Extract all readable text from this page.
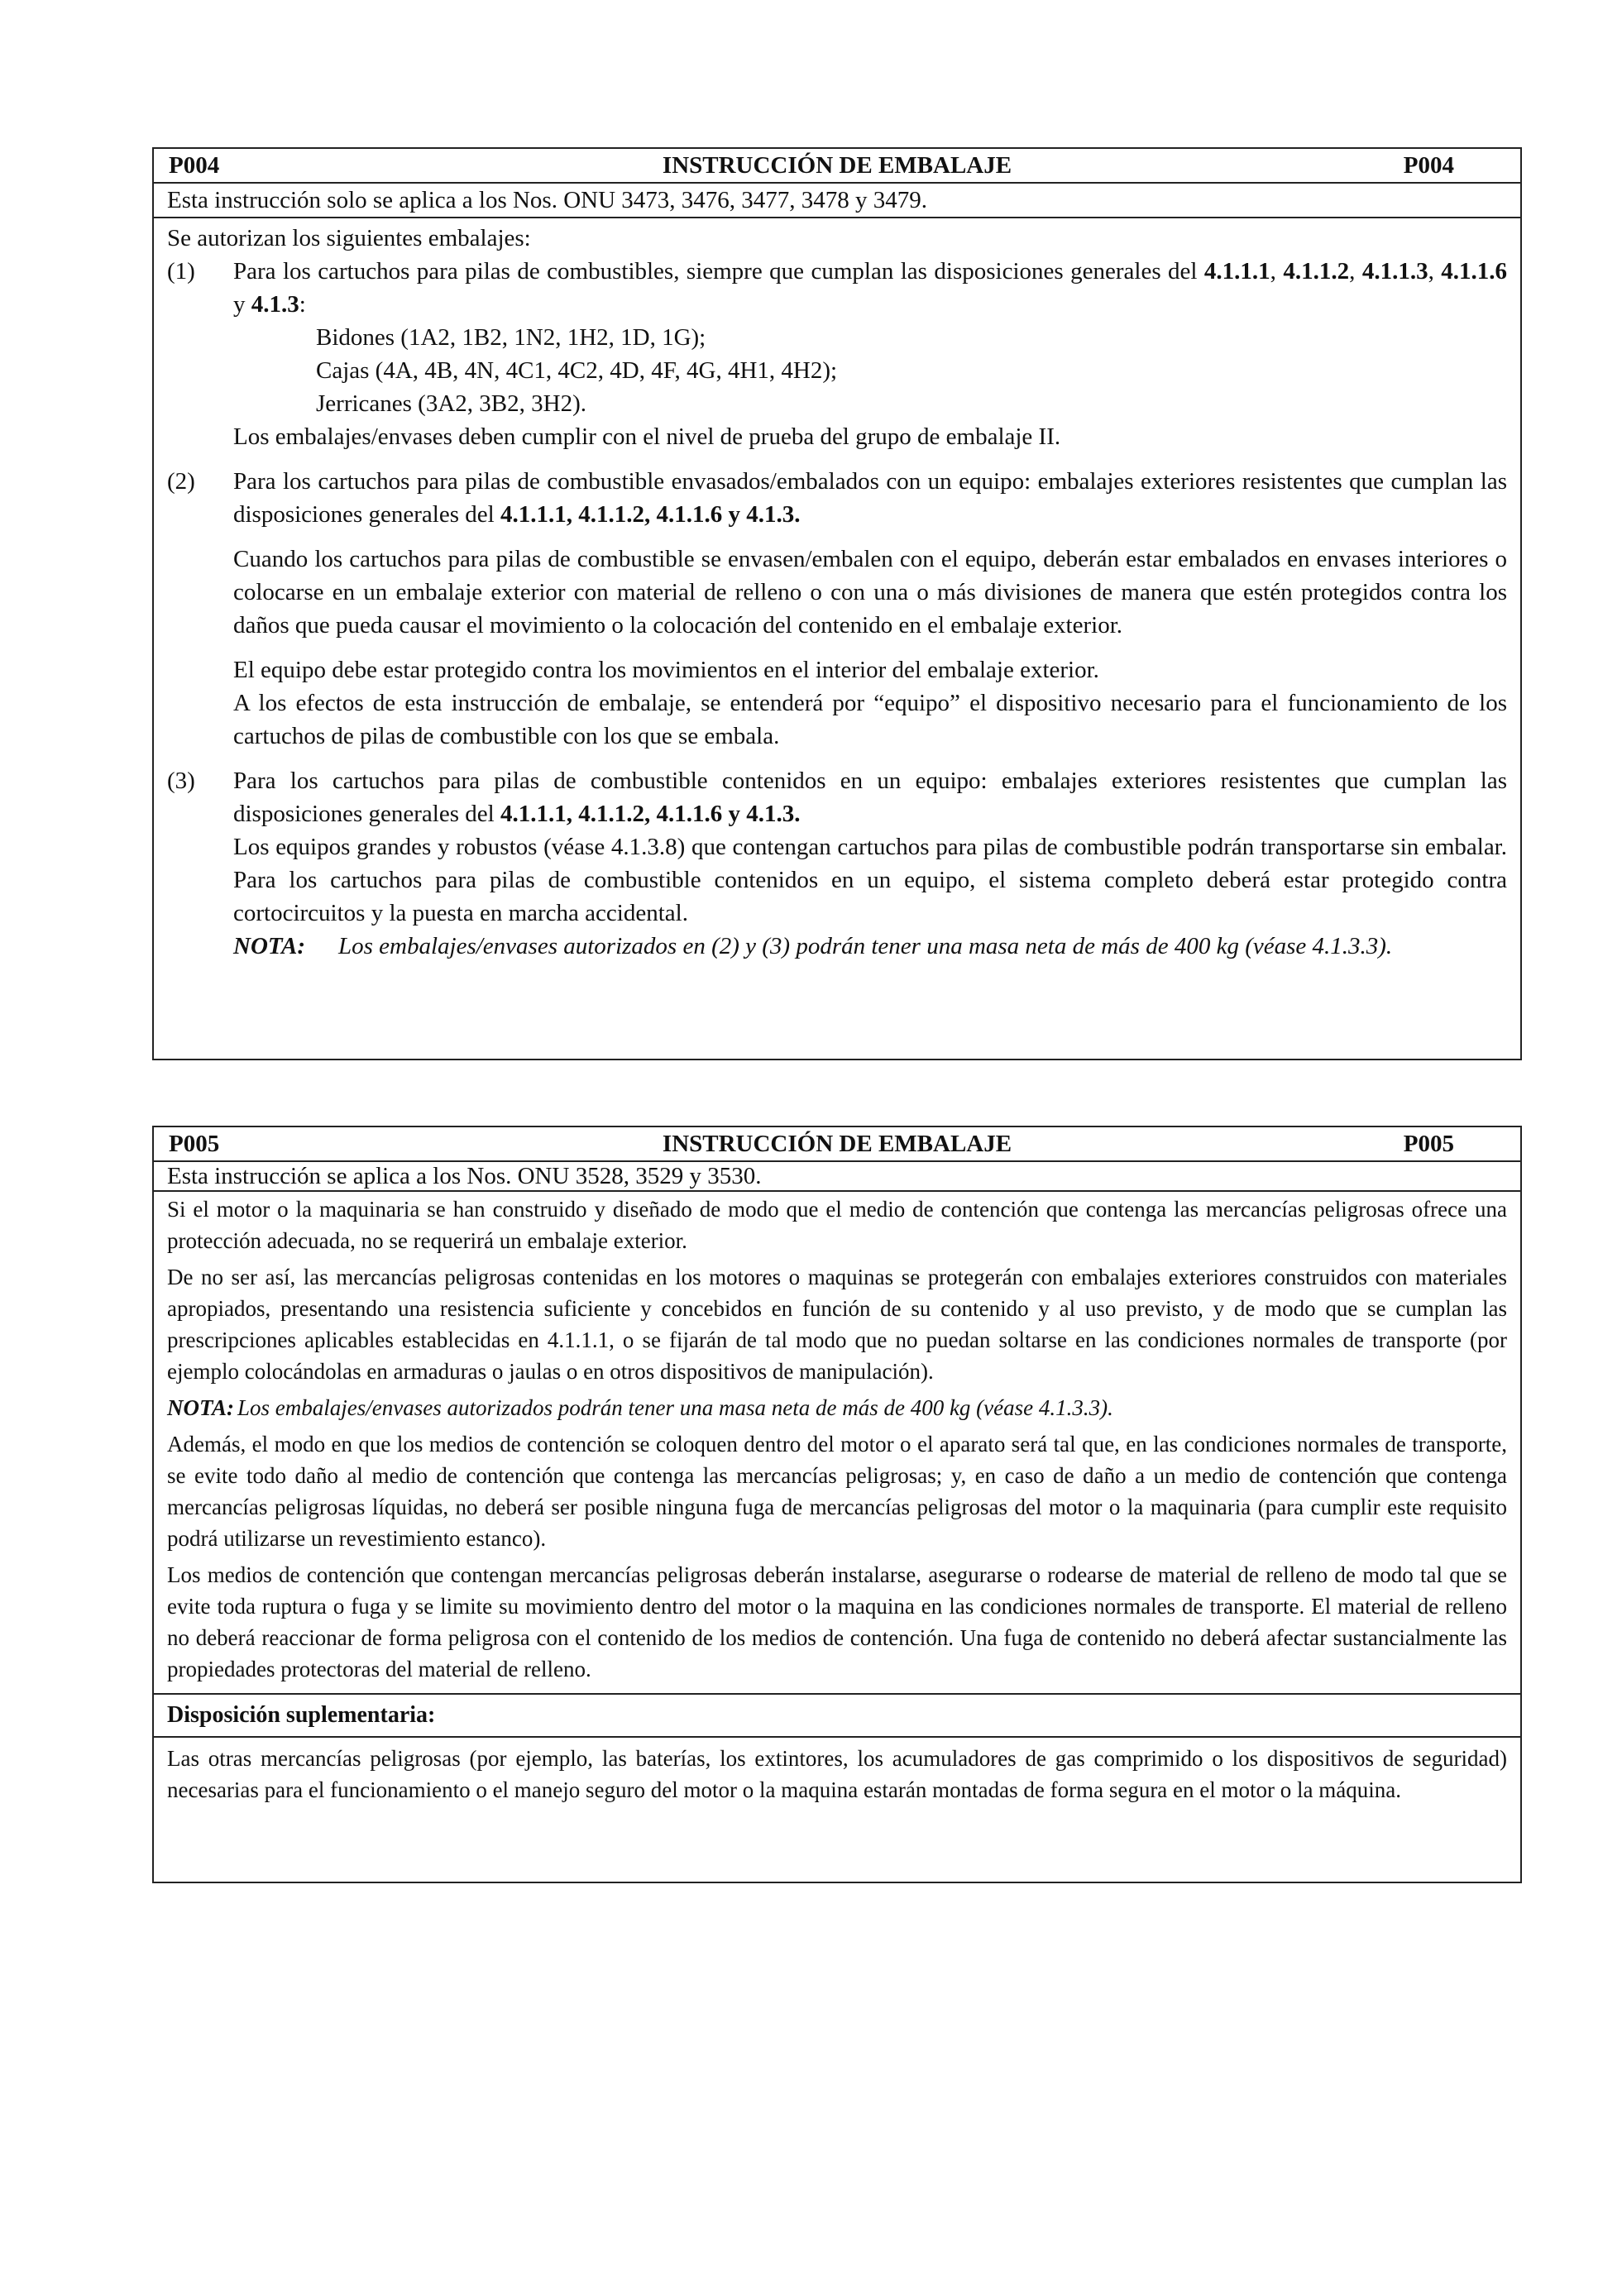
P004	INSTRUCCIÓN DE EMBALAJE	P004

Esta instrucción solo se aplica a los Nos. ONU 3473, 3476, 3477, 3478 y 3479.

Se autorizan los siguientes embalajes:

(1) Para los cartuchos para pilas de combustibles, siempre que cumplan las disposiciones generales del 4.1.1.1, 4.1.1.2, 4.1.1.3, 4.1.1.6 y 4.1.3:

Bidones (1A2, 1B2, 1N2, 1H2, 1D, 1G);

Cajas (4A, 4B, 4N, 4C1, 4C2, 4D, 4F, 4G, 4H1, 4H2);

Jerricanes (3A2, 3B2, 3H2).

Los embalajes/envases deben cumplir con el nivel de prueba del grupo de embalaje II.

(2) Para los cartuchos para pilas de combustible envasados/embalados con un equipo: embalajes exteriores resistentes que cumplan las disposiciones generales del 4.1.1.1, 4.1.1.2, 4.1.1.6 y 4.1.3.

Cuando los cartuchos para pilas de combustible se envasen/embalen con el equipo, deberán estar embalados en envases interiores o colocarse en un embalaje exterior con material de relleno o con una o más divisiones de manera que estén protegidos contra los daños que pueda causar el movimiento o la colocación del contenido en el embalaje exterior.

El equipo debe estar protegido contra los movimientos en el interior del embalaje exterior.

A los efectos de esta instrucción de embalaje, se entenderá por “equipo” el dispositivo necesario para el funcionamiento de los cartuchos de pilas de combustible con los que se embala.

(3) Para los cartuchos para pilas de combustible contenidos en un equipo: embalajes exteriores resistentes que cumplan las disposiciones generales del 4.1.1.1, 4.1.1.2, 4.1.1.6 y 4.1.3.

Los equipos grandes y robustos (véase 4.1.3.8) que contengan cartuchos para pilas de combustible podrán transportarse sin embalar. Para los cartuchos para pilas de combustible contenidos en un equipo, el sistema completo deberá estar protegido contra cortocircuitos y la puesta en marcha accidental.

NOTA: Los embalajes/envases autorizados en (2) y (3) podrán tener una masa neta de más de 400 kg (véase 4.1.3.3).

P005	INSTRUCCIÓN DE EMBALAJE	P005

Esta instrucción se aplica a los Nos. ONU 3528, 3529 y 3530.

Si el motor o la maquinaria se han construido y diseñado de modo que el medio de contención que contenga las mercancías peligrosas ofrece una protección adecuada, no se requerirá un embalaje exterior.

De no ser así, las mercancías peligrosas contenidas en los motores o maquinas se protegerán con embalajes exteriores construidos con materiales apropiados, presentando una resistencia suficiente y concebidos en función de su contenido y al uso previsto, y de modo que se cumplan las prescripciones aplicables establecidas en 4.1.1.1, o se fijarán de tal modo que no puedan soltarse en las condiciones normales de transporte (por ejemplo colocándolas en armaduras o jaulas o en otros dispositivos de manipulación).

NOTA: Los embalajes/envases autorizados podrán tener una masa neta de más de 400 kg (véase 4.1.3.3).

Además, el modo en que los medios de contención se coloquen dentro del motor o el aparato será tal que, en las condiciones normales de transporte, se evite todo daño al medio de contención que contenga las mercancías peligrosas; y, en caso de daño a un medio de contención que contenga mercancías peligrosas líquidas, no deberá ser posible ninguna fuga de mercancías peligrosas del motor o la maquinaria (para cumplir este requisito podrá utilizarse un revestimiento estanco).

Los medios de contención que contengan mercancías peligrosas deberán instalarse, asegurarse o rodearse de material de relleno de modo tal que se evite toda ruptura o fuga y se limite su movimiento dentro del motor o la maquina en las condiciones normales de transporte. El material de relleno no deberá reaccionar de forma peligrosa con el contenido de los medios de contención. Una fuga de contenido no deberá afectar sustancialmente las propiedades protectoras del material de relleno.

Disposición suplementaria:

Las otras mercancías peligrosas (por ejemplo, las baterías, los extintores, los acumuladores de gas comprimido o los dispositivos de seguridad) necesarias para el funcionamiento o el manejo seguro del motor o la maquina estarán montadas de forma segura en el motor o la máquina.
